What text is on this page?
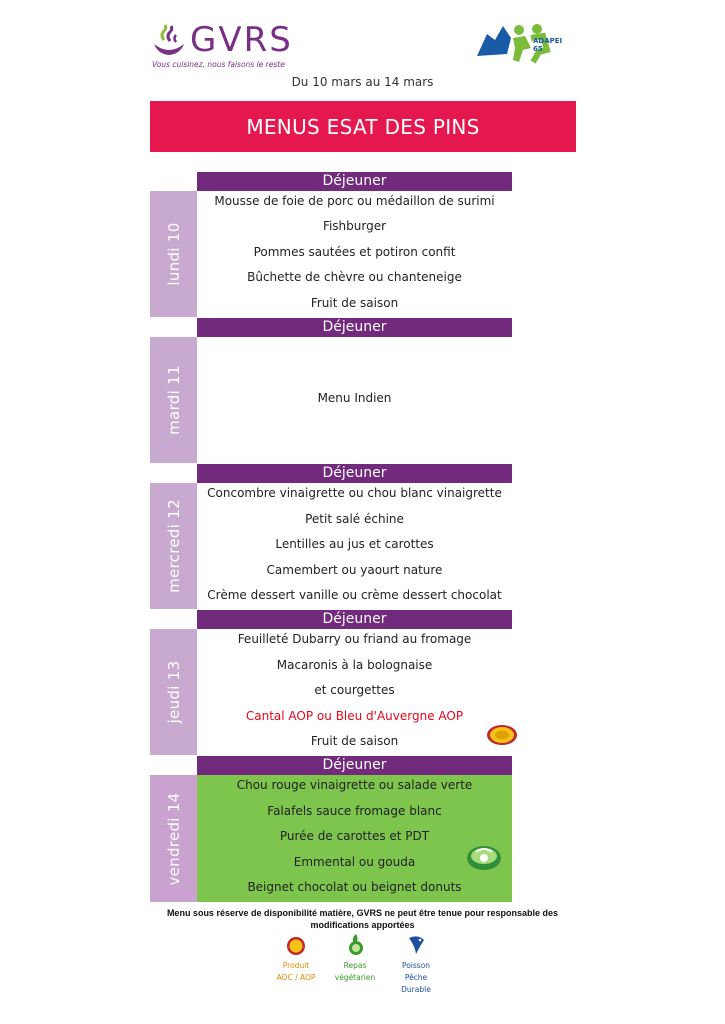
GVRS
Vous cuisinez, nous faisons le reste
ADAPEI 65
Du 10 mars au 14 mars
MENUS ESAT DES PINS
lundi 10
mardi 11
mercredi 12
jeudi 13
vendredi 14
Déjeuner
Déjeuner
Déjeuner
Déjeuner
Déjeuner
Mousse de foie de porc ou médaillon de surimi
Fishburger
Pommes sautées et potiron confit
Bûchette de chèvre ou chanteneige
Fruit de saison
Menu Indien
Concombre vinaigrette ou chou blanc vinaigrette
Petit salé échine
Lentilles au jus et carottes
Camembert ou yaourt nature
Crème dessert vanille ou crème dessert chocolat
Feuilleté Dubarry ou friand au fromage
Macaronis à la bolognaise
et courgettes
Cantal AOP ou Bleu d'Auvergne AOP
Fruit de saison
Chou rouge vinaigrette ou salade verte
Falafels sauce fromage blanc
Purée de carottes et PDT
Emmental ou gouda
Beignet chocolat ou beignet donuts
Menu sous réserve de disponibilité matière, GVRS ne peut être tenue pour responsable des
modifications apportées
Produit
AOC / AOP
Repas
végétarien
Poisson
Pêche
Durable
